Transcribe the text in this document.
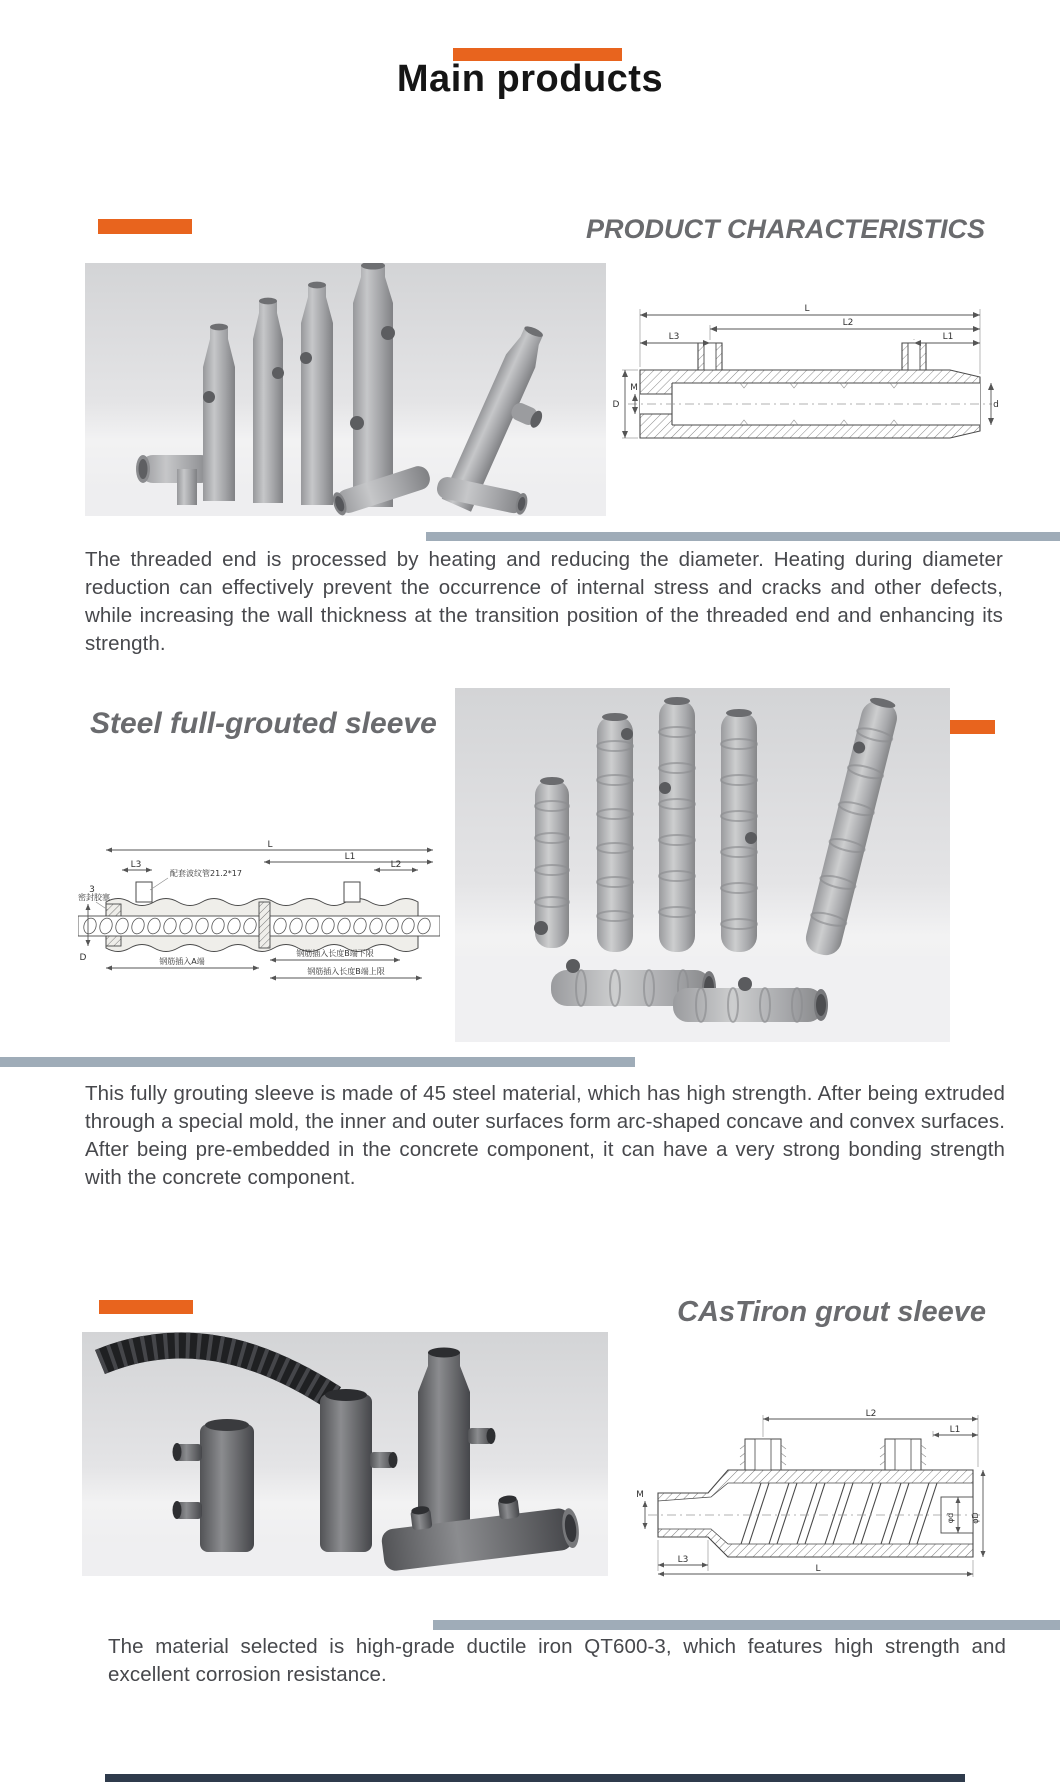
Main products
PRODUCT CHARACTERISTICS
L
L2
L1
L3
D
M
d
The threaded end is processed by heating and reducing the diameter. Heating during diameter reduction can effectively prevent the occurrence of internal stress and cracks and other defects, while increasing the wall thickness at the transition position of the threaded end and enhancing its strength.
Steel full-grouted sleeve
配套波纹管21.2*17
密封胶塞
L
L1
L3	L2
3
D	钢筋插入A端
钢筋插入长度B端下限
钢筋插入长度B端上限
This fully grouting sleeve is made of 45 steel material, which has high strength. After being extruded through a special mold, the inner and outer surfaces form arc-shaped concave and convex surfaces. After being pre-embedded in the concrete component, it can have a very strong bonding strength with the concrete component.
CAsTiron grout sleeve
L2
L1
M
L3
L
φd φD
The material selected is high-grade ductile iron QT600-3, which features high strength and excellent corrosion resistance.
